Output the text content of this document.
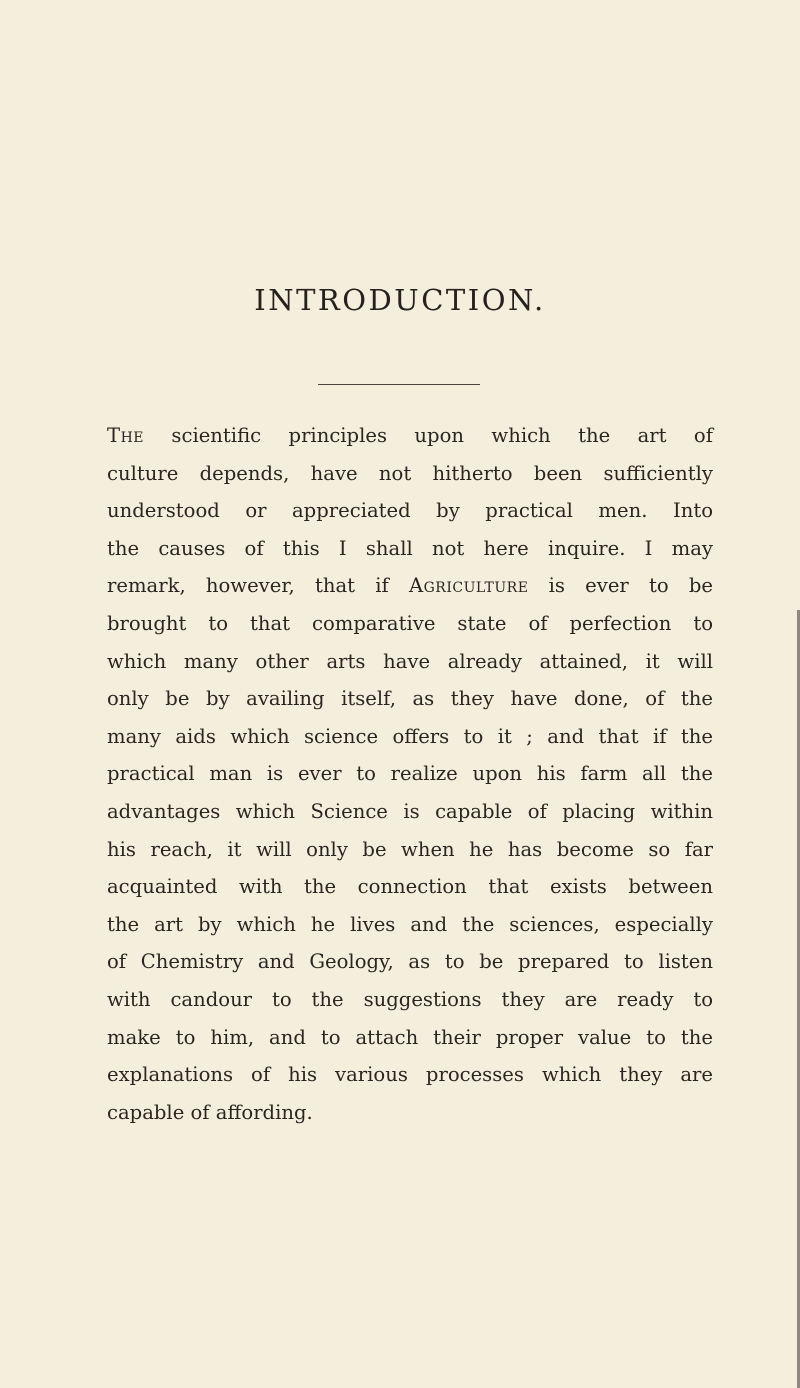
INTRODUCTION.

The scientific principles upon which the art of
culture depends, have not hitherto been sufficiently
understood or appreciated by practical men. Into
the causes of this I shall not here inquire. I may
remark, however, that if Agriculture is ever to be
brought to that comparative state of perfection to
which many other arts have already attained, it will
only be by availing itself, as they have done, of the
many aids which science offers to it ; and that if the
practical man is ever to realize upon his farm all the
advantages which Science is capable of placing within
his reach, it will only be when he has become so far
acquainted with the connection that exists between
the art by which he lives and the sciences, especially
of Chemistry and Geology, as to be prepared to listen
with candour to the suggestions they are ready to
make to him, and to attach their proper value to the
explanations of his various processes which they are
capable of affording.
